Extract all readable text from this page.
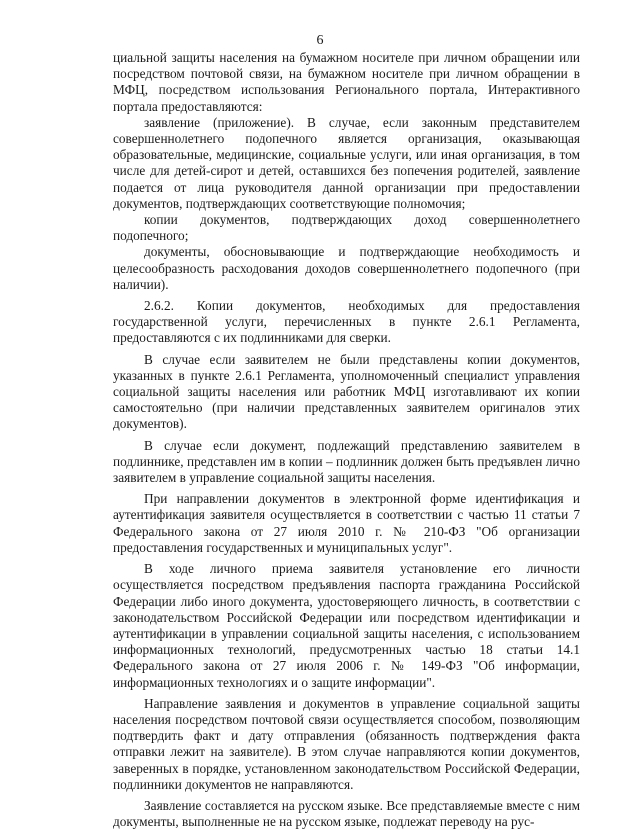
6

циальной защиты населения на бумажном носителе при личном обращении или посредством почтовой связи, на бумажном носителе при личном обращении в МФЦ, посредством использования Регионального портала, Интерактивного портала предоставляются:

заявление (приложение). В случае, если законным представителем совершеннолетнего подопечного является организация, оказывающая образовательные, медицинские, социальные услуги, или иная организация, в том числе для детей-сирот и детей, оставшихся без попечения родителей, заявление подается от лица руководителя данной организации при предоставлении документов, подтверждающих соответствующие полномочия;

копии документов, подтверждающих доход совершеннолетнего подопечного;

документы, обосновывающие и подтверждающие необходимость и целесообразность расходования доходов совершеннолетнего подопечного (при наличии).

2.6.2. Копии документов, необходимых для предоставления государственной услуги, перечисленных в пункте 2.6.1 Регламента, предоставляются с их подлинниками для сверки.

В случае если заявителем не были представлены копии документов, указанных в пункте 2.6.1 Регламента, уполномоченный специалист управления социальной защиты населения или работник МФЦ изготавливают их копии самостоятельно (при наличии представленных заявителем оригиналов этих документов).

В случае если документ, подлежащий представлению заявителем в подлиннике, представлен им в копии – подлинник должен быть предъявлен лично заявителем в управление социальной защиты населения.

При направлении документов в электронной форме идентификация и аутентификация заявителя осуществляется в соответствии с частью 11 статьи 7 Федерального закона от 27 июля 2010 г. № 210-ФЗ "Об организации предоставления государственных и муниципальных услуг".

В ходе личного приема заявителя установление его личности осуществляется посредством предъявления паспорта гражданина Российской Федерации либо иного документа, удостоверяющего личность, в соответствии с законодательством Российской Федерации или посредством идентификации и аутентификации в управлении социальной защиты населения, с использованием информационных технологий, предусмотренных частью 18 статьи 14.1 Федерального закона от 27 июля 2006 г. № 149-ФЗ "Об информации, информационных технологиях и о защите информации".

Направление заявления и документов в управление социальной защиты населения посредством почтовой связи осуществляется способом, позволяющим подтвердить факт и дату отправления (обязанность подтверждения факта отправки лежит на заявителе). В этом случае направляются копии документов, заверенных в порядке, установленном законодательством Российской Федерации, подлинники документов не направляются.

Заявление составляется на русском языке. Все представляемые вместе с ним документы, выполненные не на русском языке, подлежат переводу на рус-
